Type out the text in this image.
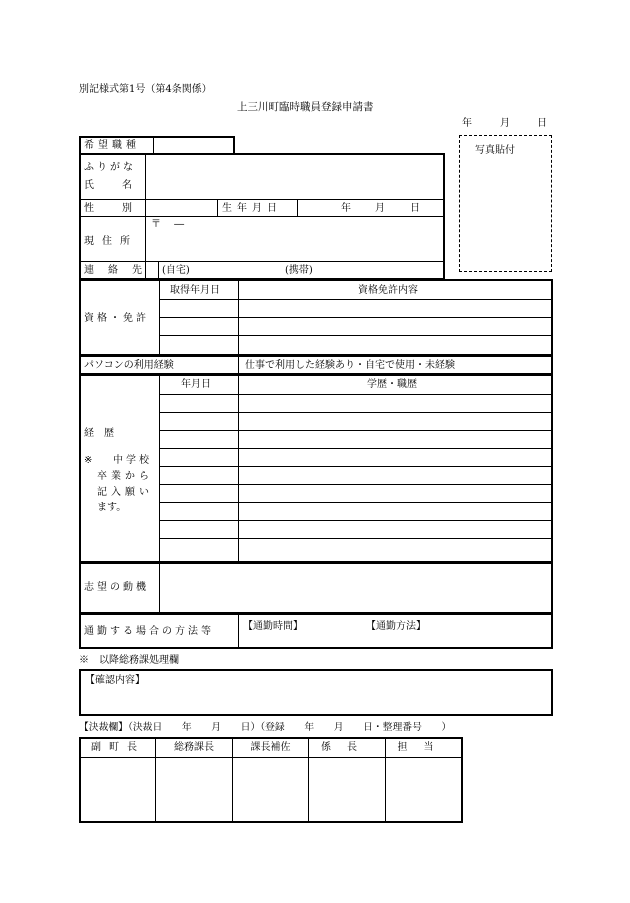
別記様式第1号（第4条関係）
上三川町臨時職員登録申請書
年	月	日
写真貼付
希望職種
ふりがな
氏名
性別	生年月日	年 月	日
〒　 ―
現住所
連絡先 (自宅)	(携帯)
取得年月日	資格免許内容
資格・免許
パソコンの利用経験	仕事で利用した経験あり・自宅で使用・未経験
年月日	学歴・職歴
経　歴
※ 中学校
卒業から
記入願い
ます。
志望の動機
通勤する場合の方法等	【通勤時間】	【通勤方法】
※　以降総務課処理欄
【確認内容】
【決裁欄】（決裁日　　年　　月　　日）（登録　　年　　月　　日・整理番号　　）
副町長	総務課長	課長補佐	係長	担当
